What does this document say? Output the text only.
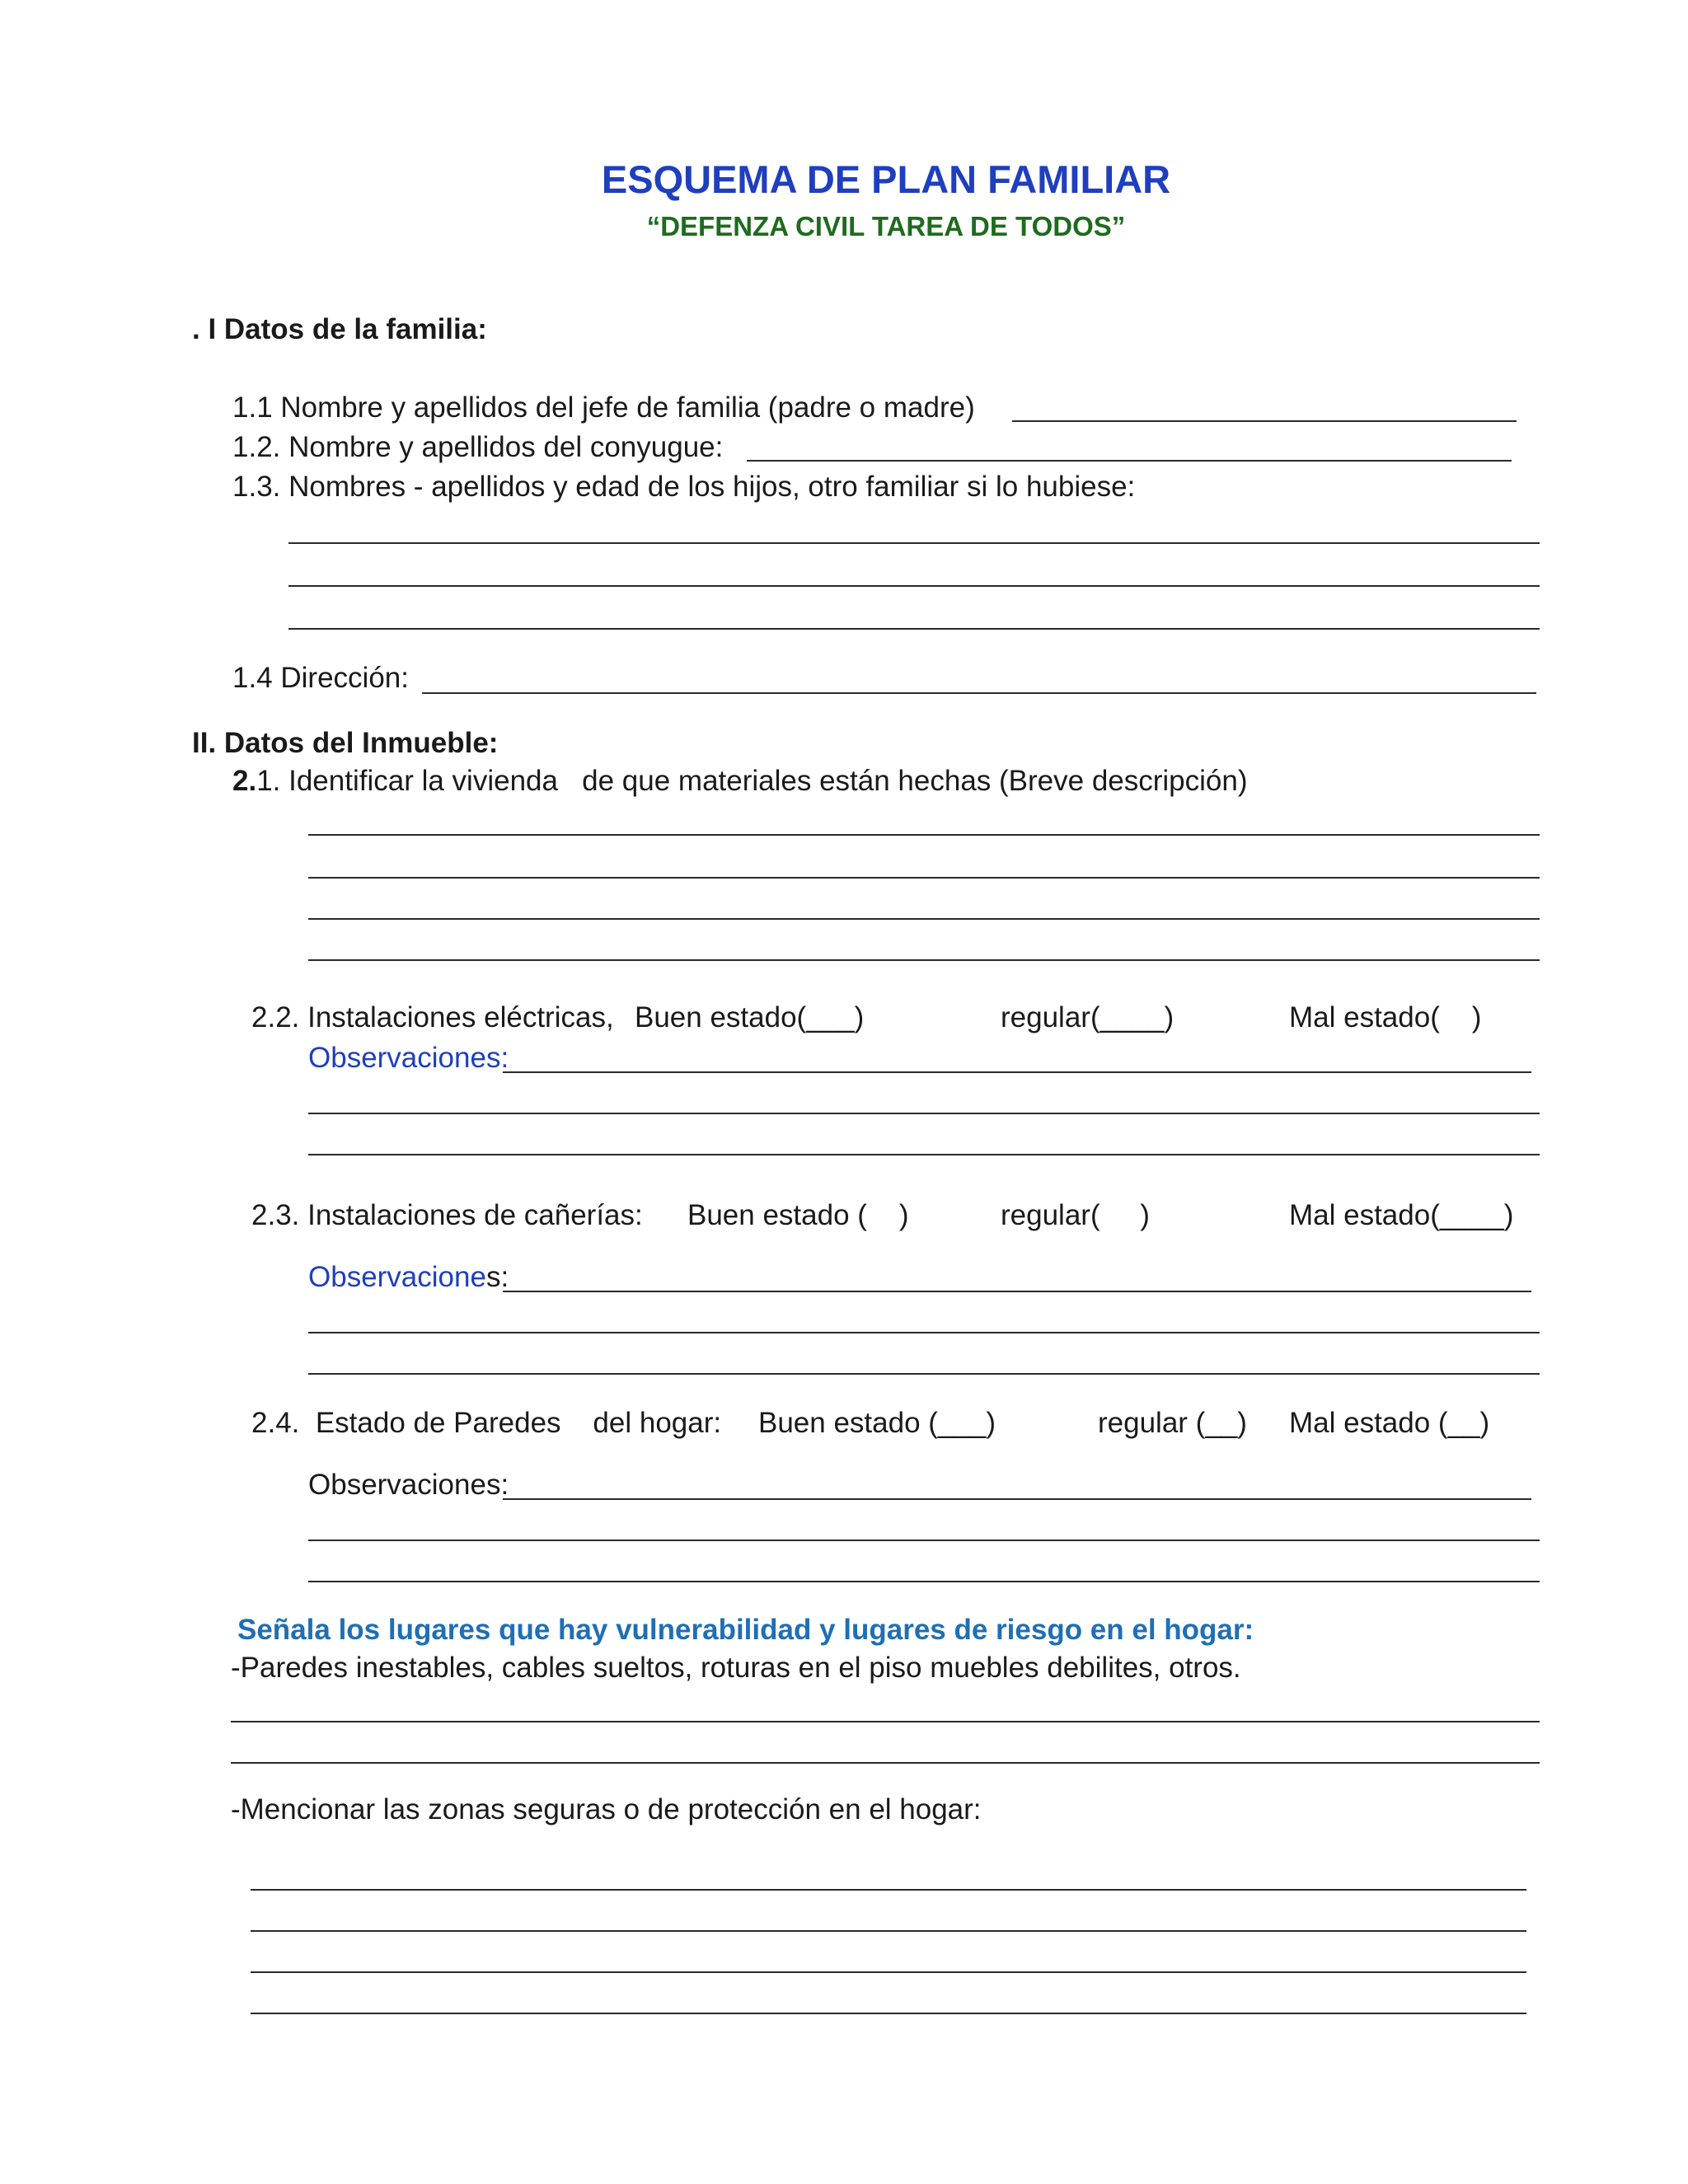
ESQUEMA DE PLAN FAMILIAR
“DEFENZA CIVIL TAREA DE TODOS”
. I Datos de la familia:
1.1 Nombre y apellidos del jefe de familia (padre o madre)
1.2. Nombre y apellidos del conyugue:
1.3. Nombres - apellidos y edad de los hijos, otro familiar si lo hubiese:
1.4 Dirección:
II. Datos del Inmueble:
2.1. Identificar la vivienda   de que materiales están hechas (Breve descripción)
2.2. Instalaciones eléctricas, Buen estado(___)	regular(____)	Mal estado(    )
Observaciones:
2.3. Instalaciones de cañerías: Buen estado (    )	regular(     )	Mal estado(____)
Observaciones:
2.4.  Estado de Paredes    del hogar: Buen estado (___)	regular (__) Mal estado (__)
Observaciones:
Señala los lugares que hay vulnerabilidad y lugares de riesgo en el hogar:
-Paredes inestables, cables sueltos, roturas en el piso muebles debilites, otros.
-Mencionar las zonas seguras o de protección en el hogar:
